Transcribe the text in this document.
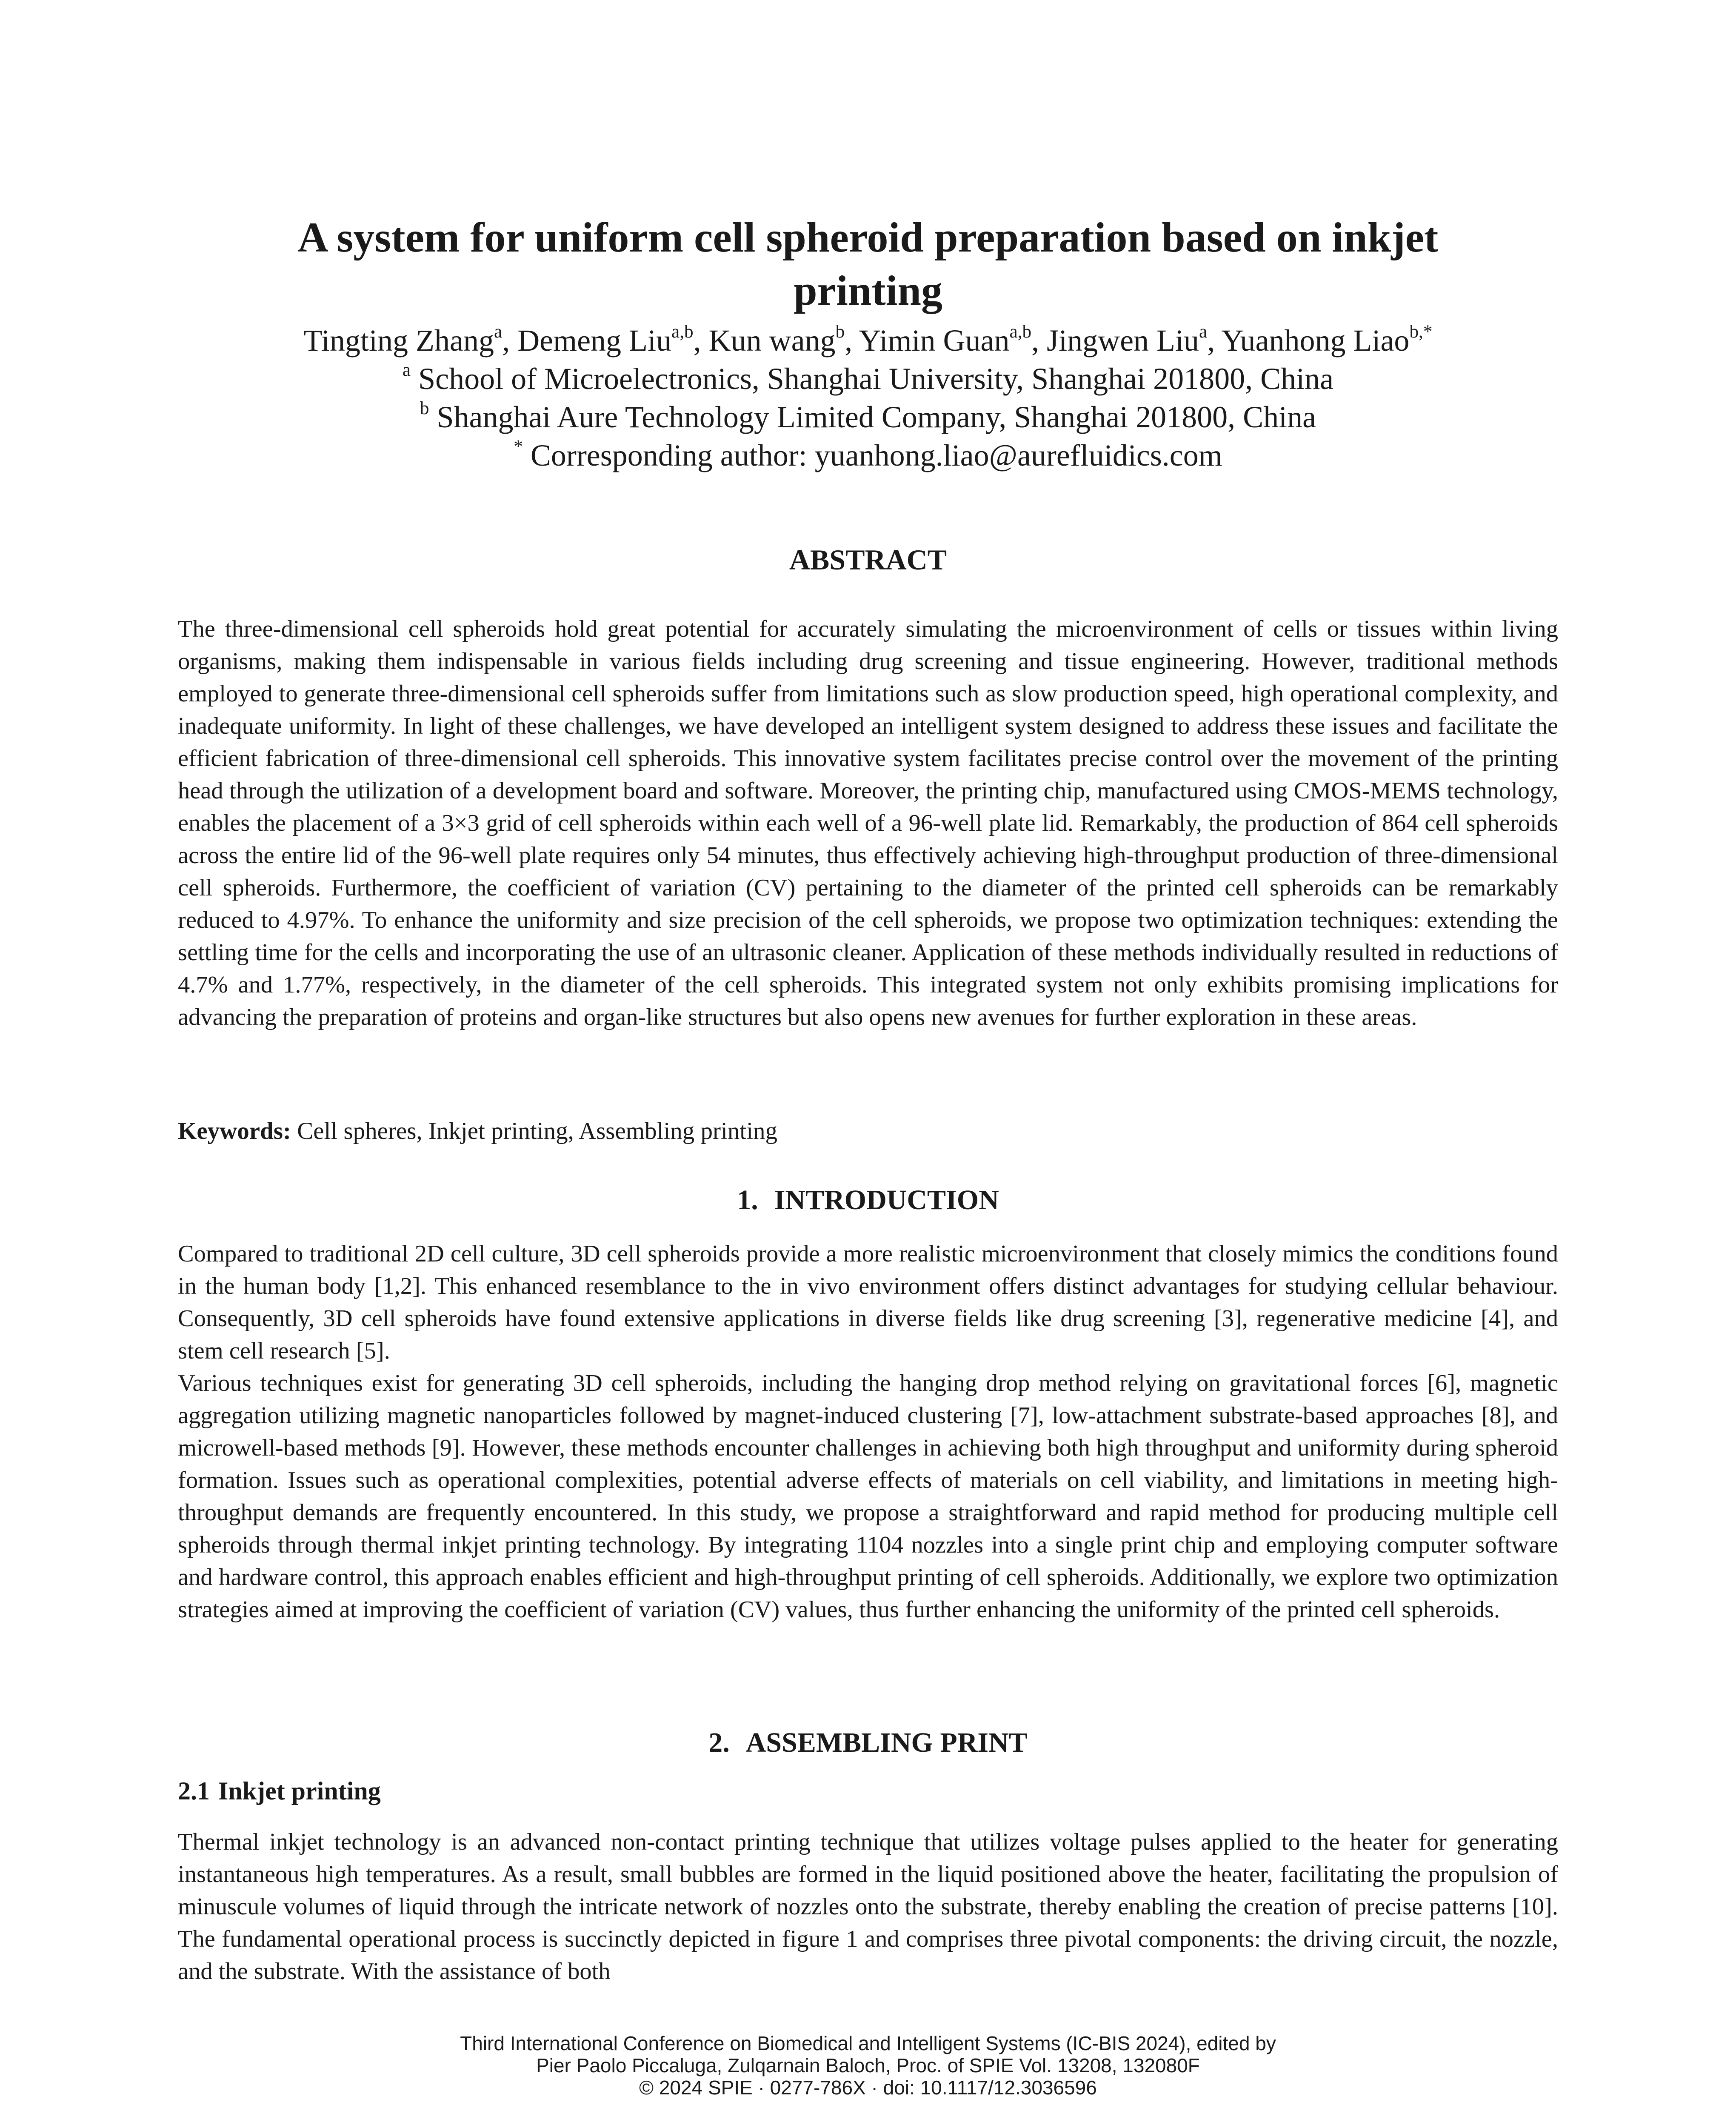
A system for uniform cell spheroid preparation based on inkjet
printing
Tingting Zhang$^a$, Demeng Liu$^{a,b}$, Kun wang$^b$, Yimin Guan$^{a,b}$, Jingwen Liu$^a$, Yuanhong Liao$^{b,*}$
$^a$ School of Microelectronics, Shanghai University, Shanghai 201800, China
$^b$ Shanghai Aure Technology Limited Company, Shanghai 201800, China
* Corresponding author: yuanhong.liao@aurefluidics.com
ABSTRACT

The three-dimensional cell spheroids hold great potential for accurately simulating the microenvironment of cells or tissues within living organisms, making them indispensable in various fields including drug screening and tissue engineering. However, traditional methods employed to generate three-dimensional cell spheroids suffer from limitations such as slow production speed, high operational complexity, and inadequate uniformity. In light of these challenges, we have developed an intelligent system designed to address these issues and facilitate the efficient fabrication of three-dimensional cell spheroids. This innovative system facilitates precise control over the movement of the printing head through the utilization of a development board and software. Moreover, the printing chip, manufactured using CMOS-MEMS technology, enables the placement of a 3×3 grid of cell spheroids within each well of a 96-well plate lid. Remarkably, the production of 864 cell spheroids across the entire lid of the 96-well plate requires only 54 minutes, thus effectively achieving high-throughput production of three-dimensional cell spheroids. Furthermore, the coefficient of variation (CV) pertaining to the diameter of the printed cell spheroids can be remarkably reduced to 4.97%. To enhance the uniformity and size precision of the cell spheroids, we propose two optimization techniques: extending the settling time for the cells and incorporating the use of an ultrasonic cleaner. Application of these methods individually resulted in reductions of 4.7% and 1.77%, respectively, in the diameter of the cell spheroids. This integrated system not only exhibits promising implications for advancing the preparation of proteins and organ-like structures but also opens new avenues for further exploration in these areas.

Keywords: Cell spheres, Inkjet printing, Assembling printing
1. INTRODUCTION

Compared to traditional 2D cell culture, 3D cell spheroids provide a more realistic microenvironment that closely mimics the conditions found in the human body [1,2]. This enhanced resemblance to the in vivo environment offers distinct advantages for studying cellular behaviour. Consequently, 3D cell spheroids have found extensive applications in diverse fields like drug screening [3], regenerative medicine [4], and stem cell research [5].

Various techniques exist for generating 3D cell spheroids, including the hanging drop method relying on gravitational forces [6], magnetic aggregation utilizing magnetic nanoparticles followed by magnet-induced clustering [7], low-attachment substrate-based approaches [8], and microwell-based methods [9]. However, these methods encounter challenges in achieving both high throughput and uniformity during spheroid formation. Issues such as operational complexities, potential adverse effects of materials on cell viability, and limitations in meeting high-throughput demands are frequently encountered. In this study, we propose a straightforward and rapid method for producing multiple cell spheroids through thermal inkjet printing technology. By integrating 1104 nozzles into a single print chip and employing computer software and hardware control, this approach enables efficient and high-throughput printing of cell spheroids. Additionally, we explore two optimization strategies aimed at improving the coefficient of variation (CV) values, thus further enhancing the uniformity of the printed cell spheroids.

2. ASSEMBLING PRINT
2.1 Inkjet printing

Thermal inkjet technology is an advanced non-contact printing technique that utilizes voltage pulses applied to the heater for generating instantaneous high temperatures. As a result, small bubbles are formed in the liquid positioned above the heater, facilitating the propulsion of minuscule volumes of liquid through the intricate network of nozzles onto the substrate, thereby enabling the creation of precise patterns [10]. The fundamental operational process is succinctly depicted in figure 1 and comprises three pivotal components: the driving circuit, the nozzle, and the substrate. With the assistance of both

Third International Conference on Biomedical and Intelligent Systems (IC-BIS 2024), edited by
Pier Paolo Piccaluga, Zulqarnain Baloch, Proc. of SPIE Vol. 13208, 132080F
© 2024 SPIE · 0277-786X · doi: 10.1117/12.3036596
